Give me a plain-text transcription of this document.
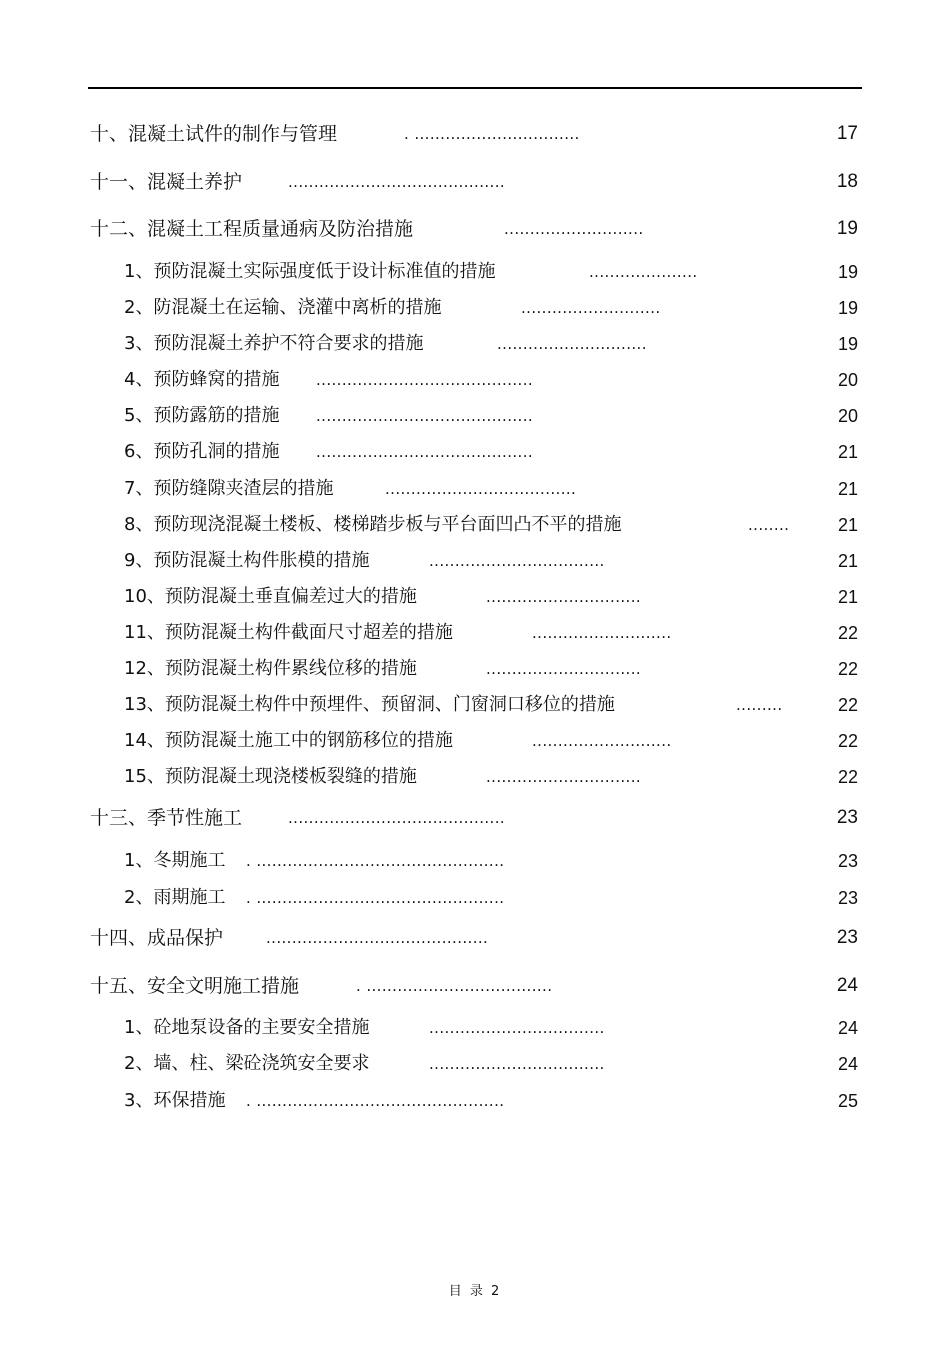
十、混凝土试件的制作与管理	. ................................	17
十一、混凝土养护	..........................................	18
十二、混凝土工程质量通病及防治措施	...........................	19
1、预防混凝土实际强度低于设计标准值的措施	.....................	19
2、防混凝土在运输、浇灌中离析的措施	...........................	19
3、预防混凝土养护不符合要求的措施	.............................	19
4、预防蜂窝的措施 ..........................................	20
5、预防露筋的措施 ..........................................	20
6、预防孔洞的措施 ..........................................	21
7、预防缝隙夹渣层的措施	.....................................	21
8、预防现浇混凝土楼板、楼梯踏步板与平台面凹凸不平的措施	........	21
9、预防混凝土构件胀模的措施	..................................	21
10、预防混凝土垂直偏差过大的措施	..............................	21
11、预防混凝土构件截面尺寸超差的措施	...........................	22
12、预防混凝土构件累线位移的措施	..............................	22
13、预防混凝土构件中预埋件、预留洞、门窗洞口移位的措施	.........	22
14、预防混凝土施工中的钢筋移位的措施	...........................	22
15、预防混凝土现浇楼板裂缝的措施	..............................	22
十三、季节性施工	..........................................	23
1、冬期施工 . ................................................	23
2、雨期施工 . ................................................	23
十四、成品保护	...........................................	23
十五、安全文明施工措施	. ....................................	24
1、砼地泵设备的主要安全措施	..................................	24
2、墙、柱、梁砼浇筑安全要求	..................................	24
3、环保措施 . ................................................	25
目 录 2
